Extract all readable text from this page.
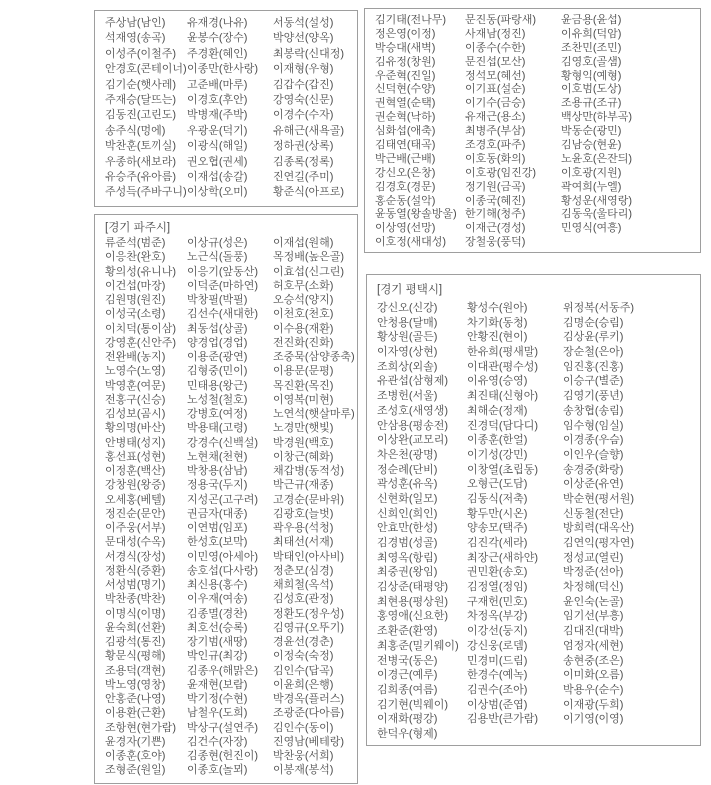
주상남(남인)	유재경(나유)	서동석(설성)
석재영(송곡)	윤봉수(장수)	박양선(양옥)
이성주(이철주) 주경환(혜인)	최봉락(신대정)
안경호(콘테이너) 이종만(한사랑)	이재형(우형)
김기순(햇사레) 고준배(마루)	김갑수(갑진)
주재승(달뜨는) 이경호(후안)	강영숙(신문)
김동진(고린도) 박병재(주박)	이경수(수자)
송주식(멍에)	우광운(덕기)	유해근(새욕골)
박찬훈(토끼실) 이광식(해일)	정하권(상록)
우종하(새보라) 권오협(권세)	김종록(정록)
유승주(유아름) 이재섭(송갈)	진연길(주미)
주성득(주바구니) 이상학(오미)	황준식(아프로)
김기태(전나무)	문진동(파랑새)	윤금용(윤섭)
정은영(이정)	사재남(정진)	이유희(덕암)
박승대(새벽)	이종수(수한)	조찬민(조민)
김유정(창원)	문진섭(모산)	김영호(골샘)
우준혁(진일)	정석모(혜선)	황형익(예형)
신덕현(수양)	이기표(설순)	이호범(도상)
권혁열(순택)	이기수(금승)	조용규(조규)
권순혁(낙하)	유재근(용소)	백상만(하부곡)
심화섭(애축)	최병주(부삼)	박동순(광민)
김태연(태곡)	조경호(파주)	김남승(현윤)
박근배(근배)	이호동(화의)	노윤호(은잔듸)
강신오(은창)	이호광(임진강)	이호광(지원)
김경호(경문)	정기원(금곡)	곽여희(누엘)
홍순동(설악)	이종국(혜진)	황성운(새영랑)
윤동열(왕솔방울) 한기해(청주)	김동욱(울타리)
이상영(선망)	이재근(경성)	민영식(여흥)
이호정(새대성)	장철웅(풍덕)
[경기 파주시]
류준석(범준)	이상규(성은)	이재섭(원해)
이응찬(완호)	노근식(돌풍)	목정배(높은골)
황의성(유니나) 이응기(앞동산)	이효섭(신그린)
이건섭(마장)	이덕준(마하연)	허호무(소화)
김원명(원진)	박창필(박필)	오승석(양지)
이성국(소령)	김선수(새대한)	이천호(천호)
이치덕(통이삼) 최동섭(상골)	이수용(재환)
강영훈(신안주) 양경업(경업)	전진화(진화)
전완배(농지)	이용준(광연)	조중묵(삼양종축)
노영수(노영)	김형중(민이)	이용문(문평)
박영훈(여문)	민태용(왕근)	목진환(목진)
전홍구(신승)	노성철(철호)	이영복(미현)
김성보(곰시)	강병호(여정)	노연석(햇살마루)
황의명(바산)	박용태(고령)	노경만(햇빛)
안병태(성지)	강경수(신백설)	박경원(백호)
홍선표(성현)	노현채(천현)	이창근(혜화)
이정훈(백산)	박창용(삼남)	채갑병(동적성)
강창원(왕증)	정용국(두지)	박근규(재종)
오세홍(베텔)	지성곤(고구려)	고경순(문바위)
정진순(문안)	권금자(대종)	김광호(늘벗)
이주웅(서부)	이연범(임포)	곽우용(석청)
문대성(수옥)	한성호(보막)	최태선(서재)
서경식(장성)	이민영(아세아)	박태인(아사비)
정환식(증환)	송호섭(다사랑)	정춘모(심경)
서성범(명기)	최신용(홍수)	채희철(옥석)
박찬종(박찬)	이우재(여송)	김성호(관정)
이명식(이명)	김종멸(경찬)	정환도(정우성)
윤숙희(선환)	최호선(승록)	김영규(오뚜기)
김광석(통진)	장기범(새땅)	경윤선(경춘)
황문식(평해)	박인규(최강)	이정숙(숙정)
조용덕(객현)	김종우(해맑은)	김인수(답곡)
박노영(영창)	윤재현(보람)	이윤희(은행)
안홍준(나영)	박기정(수현)	박경옥(플러스)
이용환(근환)	남철우(도희)	조광준(다아름)
조항현(현가람) 박상구(설연주)	김인수(동이)
윤경자(기쁜)	김건수(자장)	진영남(베테랑)
이종훈(호야)	김종현(헌진이)	박찬웅(서희)
조형준(원일)	이종호(놀뫼)	이봉재(봉석)
[경기 평택시]
강신오(신강)	황성수(원아)	위정복(서동주)
안청용(달매)	차기화(동청)	김명순(승림)
황상원(골든)	안황진(현이)	김상윤(루키)
이자영(상현)	한유희(평새말)	장순철(은아)
조희상(외솔)	이대관(평수성)	임진홍(진홍)
유관섭(삼형제)	이유영(승영)	이승구(별준)
조병헌(서울)	최진태(신형아)	김영기(풍년)
조성호(새영생)	최해순(정재)	송창협(송림)
안삼용(평송전)	진경덕(담다디)	임수형(임실)
이상완(교모리)	이종훈(한얼)	이경종(우슴)
차은천(광명)	이기성(강민)	이인우(슬향)
정순례(단비)	이창열(초립동)	송경중(화랑)
곽성훈(유옥)	오형근(도담)	이상준(유연)
신현화(일모)	김동식(저축)	박순현(평서원)
신희인(희인)	황두만(시온)	신동철(전단)
안효만(한성)	양송모(택주)	방희력(대옥산)
김경범(성골)	김진각(세라)	김연익(평자연)
최영옥(항림)	최장근(새하얀)	정성교(열린)
최중권(왕임)	권민환(송호)	박정준(선아)
김상준(태평양)	김정열(정임)	차정해(덕신)
최현용(평상원)	구재헌(민호)	윤인숙(논골)
홍영애(신요한)	차정옥(부강)	임기선(부흥)
조환준(환영)	이강선(둥지)	김대진(대박)
최홍준(밀키웨이) 강신웅(로뎀)	엄정자(세현)
전병국(동은)	민경미(드림)	송현중(조은)
이경근(예루)	한경수(예녹)	이미화(오름)
김희종(여름)	김권수(조아)	박용우(순수)
김기현(빅웨이)	이상범(준엽)	이재광(두희)
이재화(평강)	김용반(큰가람)	이기영(이영)
한덕우(형제)
